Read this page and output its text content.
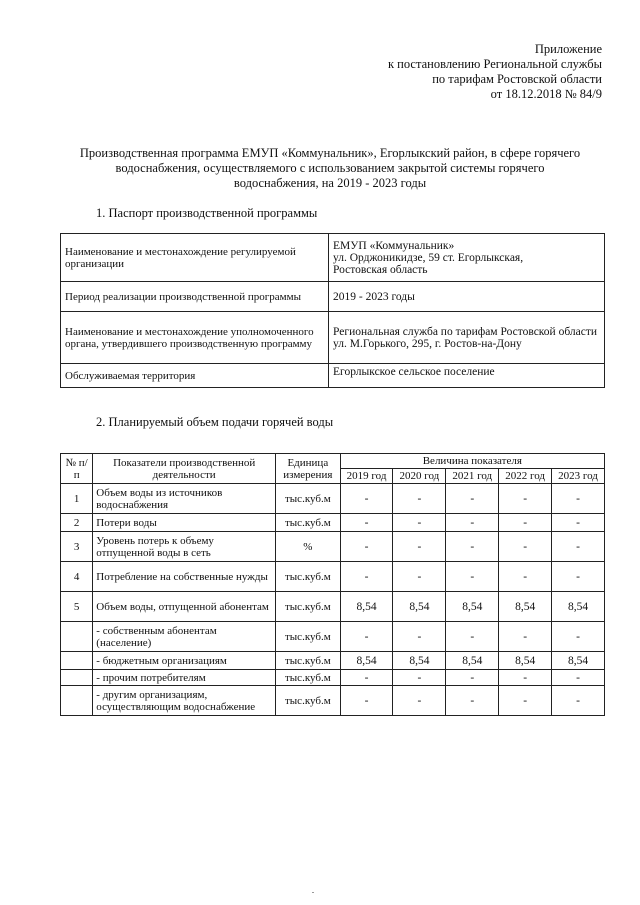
Приложение
к постановлению Региональной службы
по тарифам Ростовской области
от 18.12.2018 № 84/9
Производственная программа ЕМУП «Коммунальник», Егорлыкский район, в сфере горячего
водоснабжения, осуществляемого с использованием закрытой системы горячего
водоснабжения, на 2019 - 2023 годы
1. Паспорт производственной программы
Наименование и местонахождение регулируемой организации	ЕМУП «Коммунальник»
ул. Орджоникидзе, 59 ст. Егорлыкская,
Ростовская область

Период реализации производственной программы	2019 - 2023 годы

Наименование и местонахождение уполномоченного органа, утвердившего производственную программу	Региональная служба по тарифам Ростовской области
ул. М.Горького, 295, г. Ростов-на-Дону

Обслуживаемая территория	Егорлыкское сельское поселение
2. Планируемый объем подачи горячей воды
№ п/п	Показатели производственной деятельности	Единица измерения	Величина показателя				
			2019 год	2020 год	2021 год	2022 год	2023 год
1	Объем воды из источников водоснабжения	тыс.куб.м	-	-	-	-	-
2	Потери воды	тыс.куб.м	-	-	-	-	-
3	Уровень потерь к объему отпущенной воды в сеть	%	-	-	-	-	-
4	Потребление на собственные нужды	тыс.куб.м	-	-	-	-	-
5	Объем воды, отпущенной абонентам	тыс.куб.м	8,54	8,54	8,54	8,54	8,54
	- собственным абонентам (население)	тыс.куб.м	-	-	-	-	-
	- бюджетным организациям	тыс.куб.м	8,54	8,54	8,54	8,54	8,54
	- прочим потребителям	тыс.куб.м	-	-	-	-	-
	- другим организациям, осуществляющим водоснабжение	тыс.куб.м	-	-	-	-	-
